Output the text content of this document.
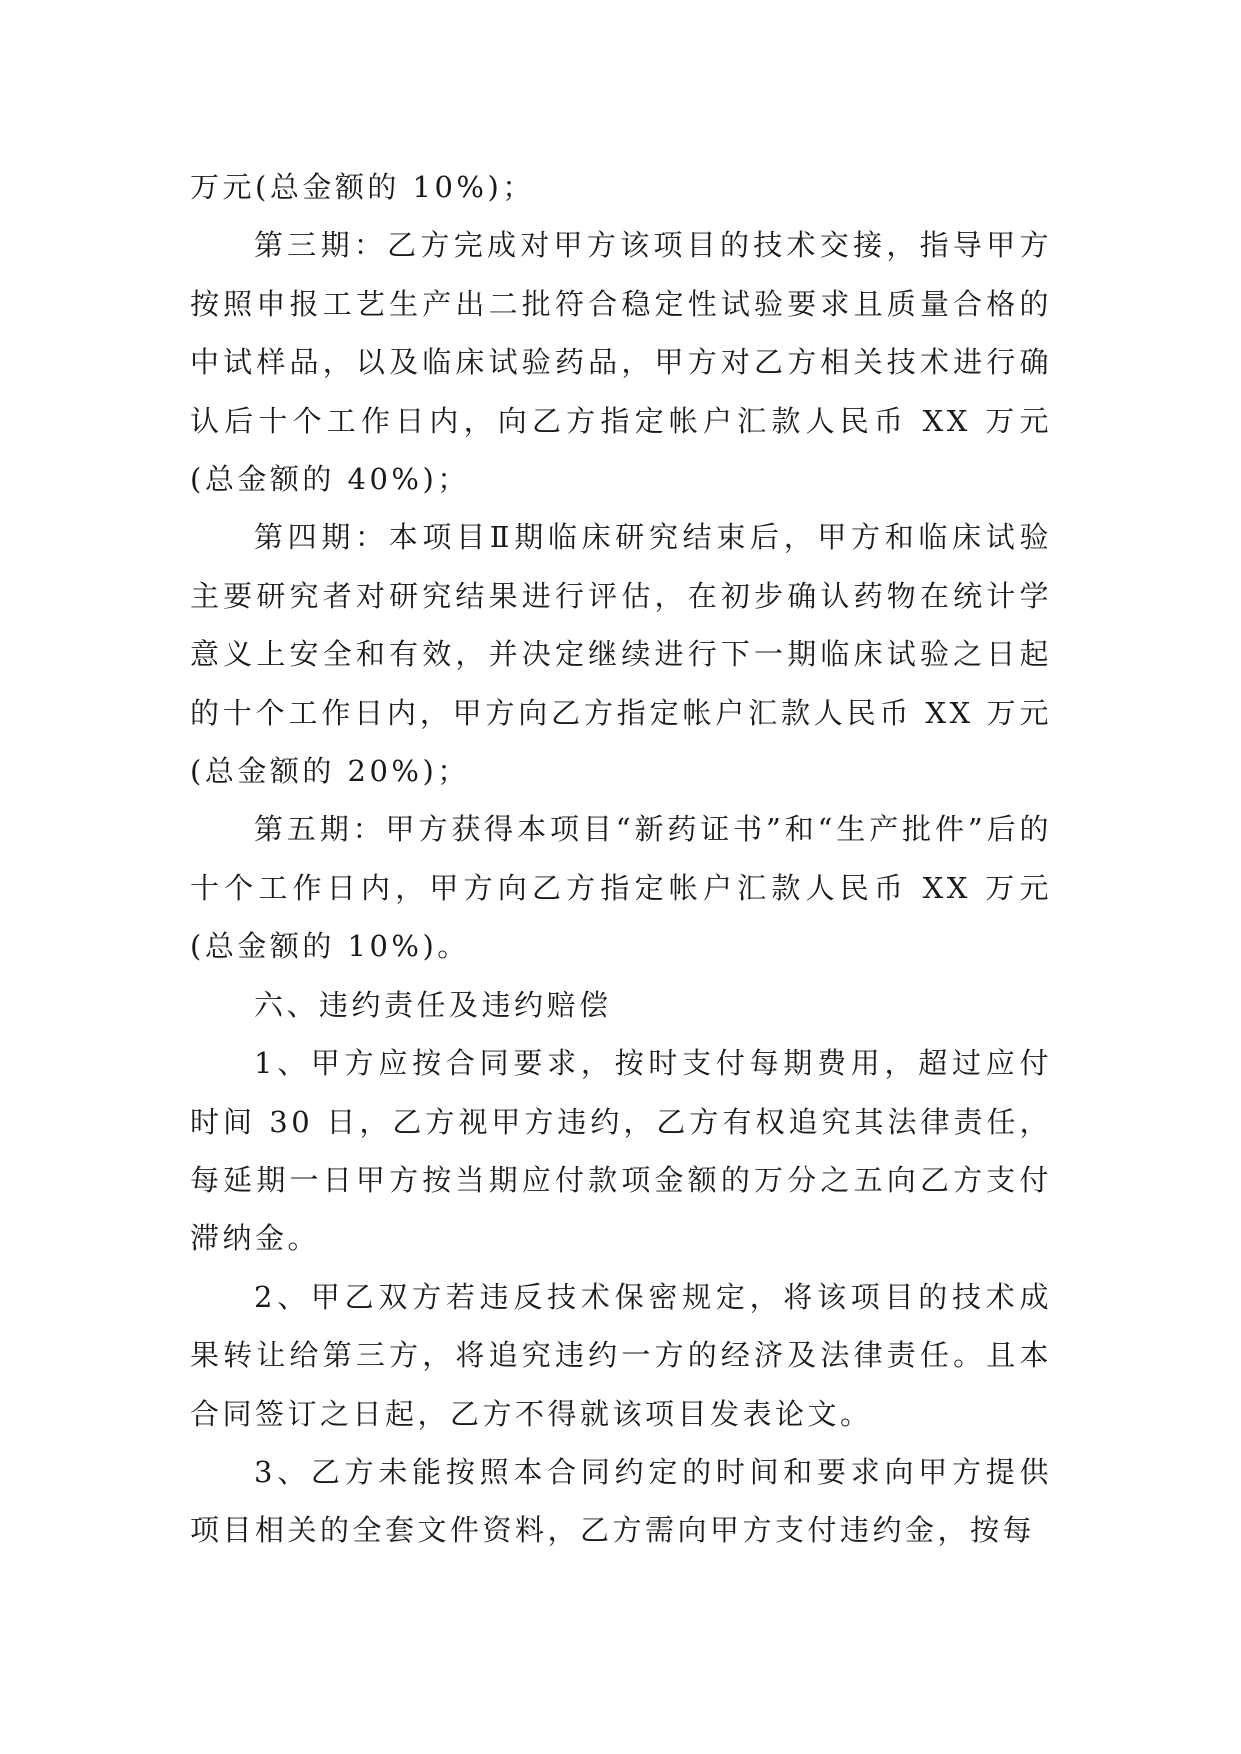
万元(总金额的 10%)；

第三期：乙方完成对甲方该项目的技术交接，指导甲方按照申报工艺生产出二批符合稳定性试验要求且质量合格的中试样品，以及临床试验药品，甲方对乙方相关技术进行确认后十个工作日内，向乙方指定帐户汇款人民币 XX 万元(总金额的 40%)；

第四期：本项目Ⅱ期临床研究结束后，甲方和临床试验主要研究者对研究结果进行评估，在初步确认药物在统计学意义上安全和有效，并决定继续进行下一期临床试验之日起的十个工作日内，甲方向乙方指定帐户汇款人民币 XX 万元(总金额的 20%)；

第五期：甲方获得本项目“新药证书”和“生产批件”后的十个工作日内，甲方向乙方指定帐户汇款人民币 XX 万元(总金额的 10%)。

六、违约责任及违约赔偿

1、甲方应按合同要求，按时支付每期费用，超过应付时间 30 日，乙方视甲方违约，乙方有权追究其法律责任，每延期一日甲方按当期应付款项金额的万分之五向乙方支付滞纳金。

2、甲乙双方若违反技术保密规定，将该项目的技术成果转让给第三方，将追究违约一方的经济及法律责任。且本合同签订之日起，乙方不得就该项目发表论文。

3、乙方未能按照本合同约定的时间和要求向甲方提供项目相关的全套文件资料，乙方需向甲方支付违约金，按每
